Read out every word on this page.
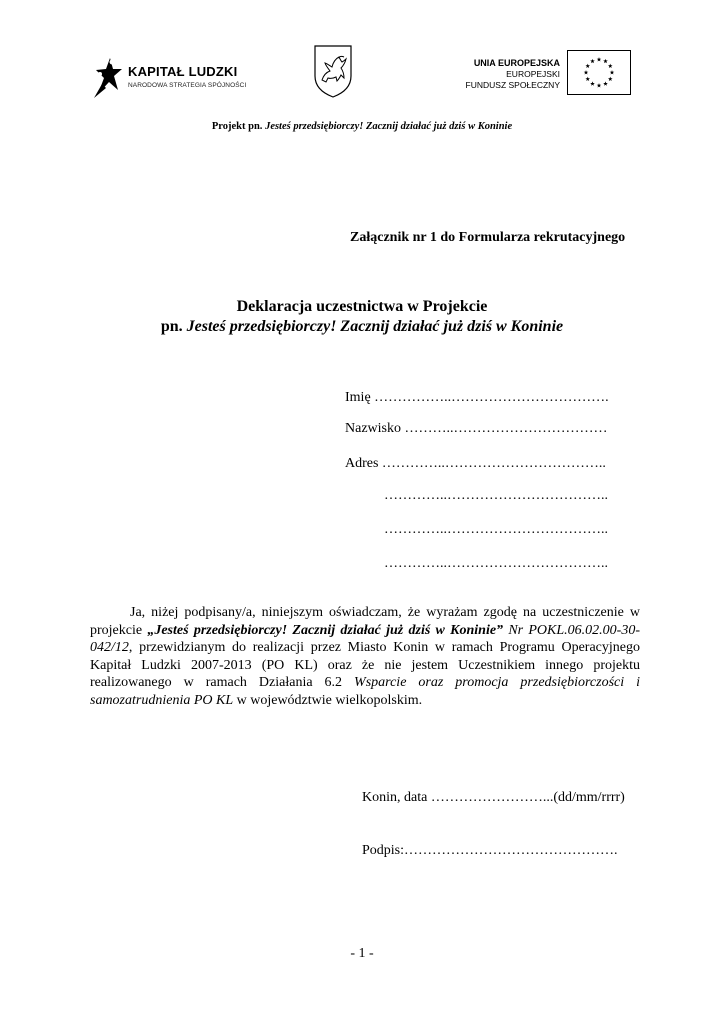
KAPITAŁ LUDZKI
NARODOWA STRATEGIA SPÓJNOŚCI
UNIA EUROPEJSKA
EUROPEJSKI
FUNDUSZ SPOŁECZNY
Projekt pn. Jesteś przedsiębiorczy! Zacznij działać już dziś w Koninie
Załącznik nr 1 do Formularza rekrutacyjnego
Deklaracja uczestnictwa w Projekcie
pn. Jesteś przedsiębiorczy! Zacznij działać już dziś w Koninie
Imię ……………..…………………………….
Nazwisko ………..……………………………
Adres …………..……………………………..
…………..……………………………..
…………..……………………………..
…………..……………………………..
Ja, niżej podpisany/a, niniejszym oświadczam, że wyrażam zgodę na uczestniczenie w projekcie „Jesteś przedsiębiorczy! Zacznij działać już dziś w Koninie” Nr POKL.06.02.00-30-042/12, przewidzianym do realizacji przez Miasto Konin w ramach Programu Operacyjnego Kapitał Ludzki 2007-2013 (PO KL) oraz że nie jestem Uczestnikiem innego projektu realizowanego w ramach Działania 6.2 Wsparcie oraz promocja przedsiębiorczości i samozatrudnienia PO KL w województwie wielkopolskim.
Konin, data ……………………...(dd/mm/rrrr)
Podpis:……………………………………….
- 1 -
